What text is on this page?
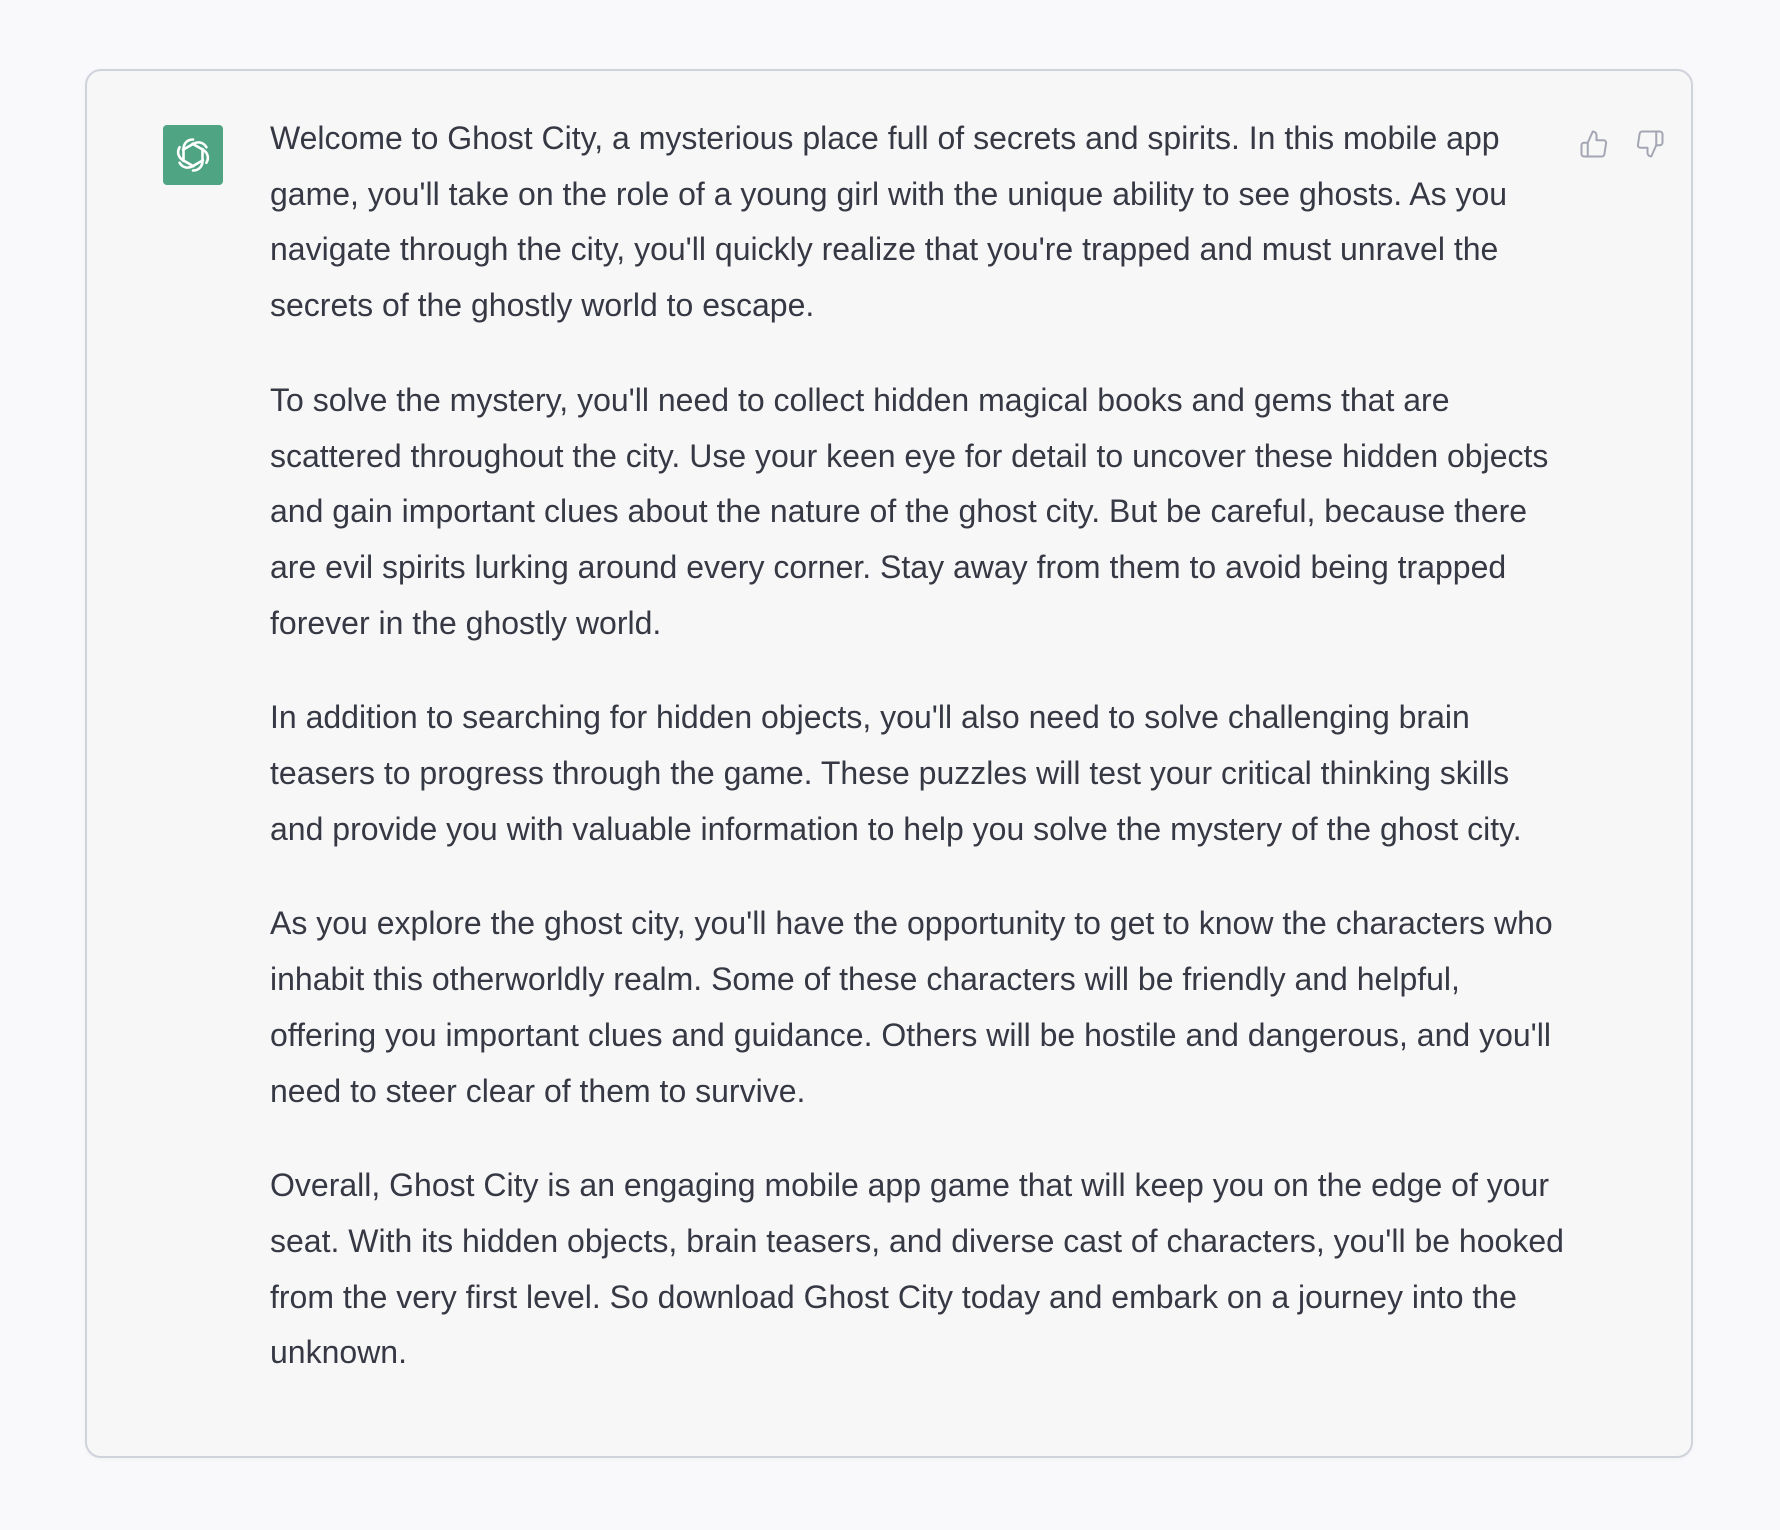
Welcome to Ghost City, a mysterious place full of secrets and spirits. In this mobile app game, you'll take on the role of a young girl with the unique ability to see ghosts. As you navigate through the city, you'll quickly realize that you're trapped and must unravel the secrets of the ghostly world to escape.

To solve the mystery, you'll need to collect hidden magical books and gems that are scattered throughout the city. Use your keen eye for detail to uncover these hidden objects and gain important clues about the nature of the ghost city. But be careful, because there are evil spirits lurking around every corner. Stay away from them to avoid being trapped forever in the ghostly world.

In addition to searching for hidden objects, you'll also need to solve challenging brain teasers to progress through the game. These puzzles will test your critical thinking skills and provide you with valuable information to help you solve the mystery of the ghost city.

As you explore the ghost city, you'll have the opportunity to get to know the characters who inhabit this otherworldly realm. Some of these characters will be friendly and helpful, offering you important clues and guidance. Others will be hostile and dangerous, and you'll need to steer clear of them to survive.

Overall, Ghost City is an engaging mobile app game that will keep you on the edge of your seat. With its hidden objects, brain teasers, and diverse cast of characters, you'll be hooked from the very first level. So download Ghost City today and embark on a journey into the unknown.
